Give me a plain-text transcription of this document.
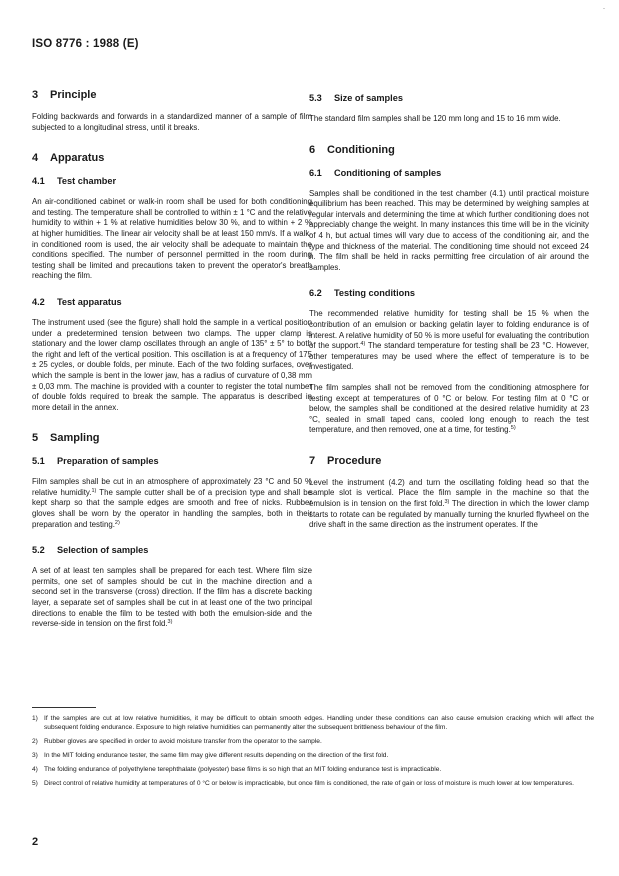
-
ISO 8776 : 1988 (E)
3 Principle

Folding backwards and forwards in a standardized manner of a sample of film subjected to a longitudinal stress, until it breaks.

4 Apparatus
4.1 Test chamber

An air-conditioned cabinet or walk-in room shall be used for both conditioning and testing. The temperature shall be controlled to within ± 1 °C and the relative humidity to within + 1 % at relative humidities below 30 %, and to within + 2 % at higher humidities. The linear air velocity shall be at least 150 mm/s. If a walk-in conditioned room is used, the air velocity shall be adequate to maintain the conditions specified. The number of personnel permitted in the room during testing shall be limited and precautions taken to prevent the operator's breath reaching the film.

4.2 Test apparatus

The instrument used (see the figure) shall hold the sample in a vertical position under a predetermined tension between two clamps. The upper clamp is stationary and the lower clamp oscillates through an angle of 135° ± 5° to both the right and left of the vertical position. This oscillation is at a frequency of 175 ± 25 cycles, or double folds, per minute. Each of the two folding surfaces, over which the sample is bent in the lower jaw, has a radius of curvature of 0,38 mm ± 0,03 mm. The machine is provided with a counter to register the total number of double folds required to break the sample. The apparatus is described in more detail in the annex.

5 Sampling
5.1 Preparation of samples

Film samples shall be cut in an atmosphere of approximately 23 °C and 50 % relative humidity.$^{1)}$ The sample cutter shall be of a precision type and shall be kept sharp so that the sample edges are smooth and free of nicks. Rubber gloves shall be worn by the operator in handling the samples, both in their preparation and testing.$^{2)}$

5.2 Selection of samples

A set of at least ten samples shall be prepared for each test. Where film size permits, one set of samples should be cut in the machine direction and a second set in the transverse (cross) direction. If the film has a discrete backing layer, a separate set of samples shall be cut in at least one of the two principal directions to enable the film to be tested with both the emulsion-side and the reverse-side in tension on the first fold.$^{3)}$

5.3 Size of samples

The standard film samples shall be 120 mm long and 15 to 16 mm wide.

6 Conditioning
6.1 Conditioning of samples

Samples shall be conditioned in the test chamber (4.1) until practical moisture equilibrium has been reached. This may be determined by weighing samples at regular intervals and determining the time at which further conditioning does not appreciably change the weight. In many instances this time will be in the vicinity of 4 h, but actual times will vary due to access of the conditioning air, and the type and thickness of the material. The conditioning time should not exceed 24 h. The film shall be held in racks permitting free circulation of air around the samples.

6.2 Testing conditions

The recommended relative humidity for testing shall be 15 % when the contribution of an emulsion or backing gelatin layer to folding endurance is of interest. A relative humidity of 50 % is more useful for evaluating the contribution of the support.$^{4)}$ The standard temperature for testing shall be 23 °C. However, other temperatures may be used where the effect of temperature is to be investigated.

The film samples shall not be removed from the conditioning atmosphere for testing except at temperatures of 0 °C or below. For testing film at 0 °C or below, the samples shall be conditioned at the desired relative humidity at 23 °C, sealed in small taped cans, cooled long enough to reach the test temperature, and then removed, one at a time, for testing.$^{5)}$

7 Procedure

Level the instrument (4.2) and turn the oscillating folding head so that the sample slot is vertical. Place the film sample in the machine so that the emulsion is in tension on the first fold.$^{3)}$ The direction in which the lower clamp starts to rotate can be regulated by manually turning the knurled flywheel on the drive shaft in the same direction as the instrument operates. If the

1) If the samples are cut at low relative humidities, it may be difficult to obtain smooth edges. Handling under these conditions can also cause emulsion cracking which will affect the subsequent folding endurance. Exposure to high relative humidities can permanently alter the subsequent brittleness behaviour of the film.
2) Rubber gloves are specified in order to avoid moisture transfer from the operator to the sample.
3) In the MIT folding endurance tester, the same film may give different results depending on the direction of the first fold.
4) The folding endurance of polyethylene terephthalate (polyester) base films is so high that an MIT folding endurance test is impracticable.
5) Direct control of relative humidity at temperatures of 0 °C or below is impracticable, but once film is conditioned, the rate of gain or loss of moisture is much lower at low temperatures.
2
